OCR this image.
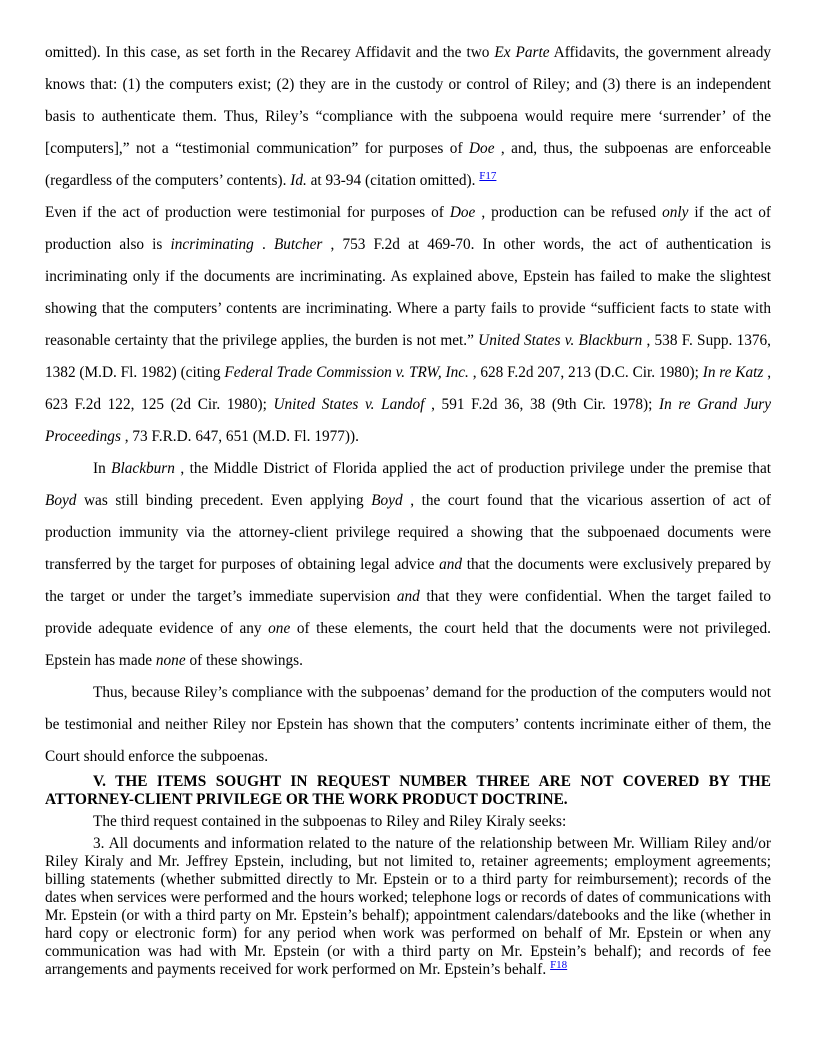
omitted). In this case, as set forth in the Recarey Affidavit and the two Ex Parte Affidavits, the government already knows that: (1) the computers exist; (2) they are in the custody or control of Riley; and (3) there is an independent basis to authenticate them. Thus, Riley’s “compliance with the subpoena would require mere ‘surrender’ of the [computers],” not a “testimonial communication” for purposes of Doe , and, thus, the subpoenas are enforceable (regardless of the computers’ contents). Id. at 93-94 (citation omitted). $^{F17}$

Even if the act of production were testimonial for purposes of Doe , production can be refused only if the act of production also is incriminating . Butcher , 753 F.2d at 469-70. In other words, the act of authentication is incriminating only if the documents are incriminating. As explained above, Epstein has failed to make the slightest showing that the computers’ contents are incriminating. Where a party fails to provide “sufficient facts to state with reasonable certainty that the privilege applies, the burden is not met.” United States v. Blackburn , 538 F. Supp. 1376, 1382 (M.D. Fl. 1982) (citing Federal Trade Commission v. TRW, Inc. , 628 F.2d 207, 213 (D.C. Cir. 1980); In re Katz , 623 F.2d 122, 125 (2d Cir. 1980); United States v. Landof , 591 F.2d 36, 38 (9th Cir. 1978); In re Grand Jury Proceedings , 73 F.R.D. 647, 651 (M.D. Fl. 1977)).

In Blackburn , the Middle District of Florida applied the act of production privilege under the premise that Boyd was still binding precedent. Even applying Boyd , the court found that the vicarious assertion of act of production immunity via the attorney-client privilege required a showing that the subpoenaed documents were transferred by the target for purposes of obtaining legal advice and that the documents were exclusively prepared by the target or under the target’s immediate supervision and that they were confidential. When the target failed to provide adequate evidence of any one of these elements, the court held that the documents were not privileged. Epstein has made none of these showings.

Thus, because Riley’s compliance with the subpoenas’ demand for the production of the computers would not be testimonial and neither Riley nor Epstein has shown that the computers’ contents incriminate either of them, the Court should enforce the subpoenas.

V. THE ITEMS SOUGHT IN REQUEST NUMBER THREE ARE NOT COVERED BY THE ATTORNEY-CLIENT PRIVILEGE OR THE WORK PRODUCT DOCTRINE.

The third request contained in the subpoenas to Riley and Riley Kiraly seeks:

3. All documents and information related to the nature of the relationship between Mr. William Riley and/or Riley Kiraly and Mr. Jeffrey Epstein, including, but not limited to, retainer agreements; employment agreements; billing statements (whether submitted directly to Mr. Epstein or to a third party for reimbursement); records of the dates when services were performed and the hours worked; telephone logs or records of dates of communications with Mr. Epstein (or with a third party on Mr. Epstein’s behalf); appointment calendars/datebooks and the like (whether in hard copy or electronic form) for any period when work was performed on behalf of Mr. Epstein or when any communication was had with Mr. Epstein (or with a third party on Mr. Epstein’s behalf); and records of fee arrangements and payments received for work performed on Mr. Epstein’s behalf. $^{F18}$
